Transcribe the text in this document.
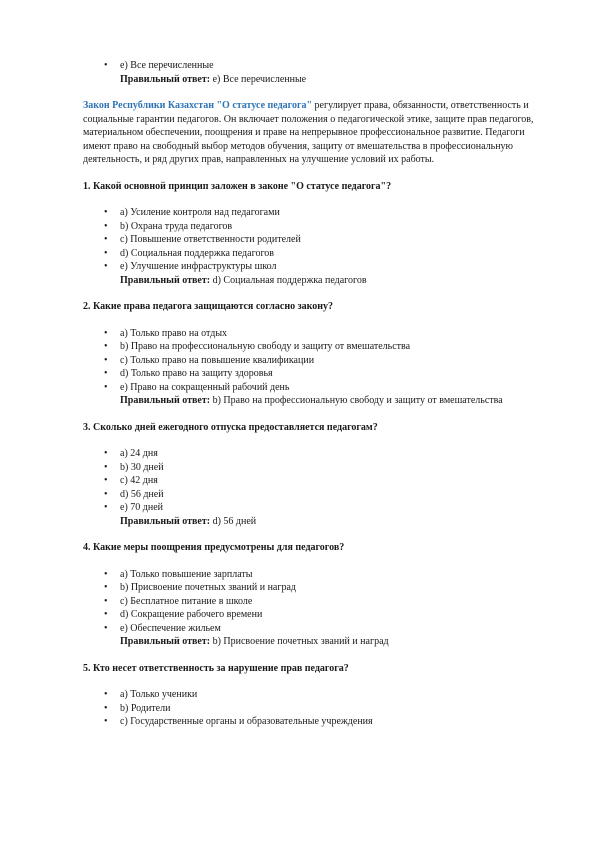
• e) Все перечисленные
Правильный ответ: e) Все перечисленные

Закон Республики Казахстан "О статусе педагога" регулирует права, обязанности, ответственность и социальные гарантии педагогов. Он включает положения о педагогической этике, защите прав педагогов, материальном обеспечении, поощрения и праве на непрерывное профессиональное развитие. Педагоги имеют право на свободный выбор методов обучения, защиту от вмешательства в профессиональную деятельность, и ряд других прав, направленных на улучшение условий их работы.

1. Какой основной принцип заложен в законе "О статусе педагога"?
• a) Усиление контроля над педагогами
• b) Охрана труда педагогов
• c) Повышение ответственности родителей
• d) Социальная поддержка педагогов
• e) Улучшение инфраструктуры школ
Правильный ответ: d) Социальная поддержка педагогов
2. Какие права педагога защищаются согласно закону?
• a) Только право на отдых
• b) Право на профессиональную свободу и защиту от вмешательства
• c) Только право на повышение квалификации
• d) Только право на защиту здоровья
• e) Право на сокращенный рабочий день
Правильный ответ: b) Право на профессиональную свободу и защиту от вмешательства
3. Сколько дней ежегодного отпуска предоставляется педагогам?
• a) 24 дня
• b) 30 дней
• c) 42 дня
• d) 56 дней
• e) 70 дней
Правильный ответ: d) 56 дней
4. Какие меры поощрения предусмотрены для педагогов?
• a) Только повышение зарплаты
• b) Присвоение почетных званий и наград
• c) Бесплатное питание в школе
• d) Сокращение рабочего времени
• e) Обеспечение жильем
Правильный ответ: b) Присвоение почетных званий и наград
5. Кто несет ответственность за нарушение прав педагога?
• a) Только ученики
• b) Родители
• c) Государственные органы и образовательные учреждения
